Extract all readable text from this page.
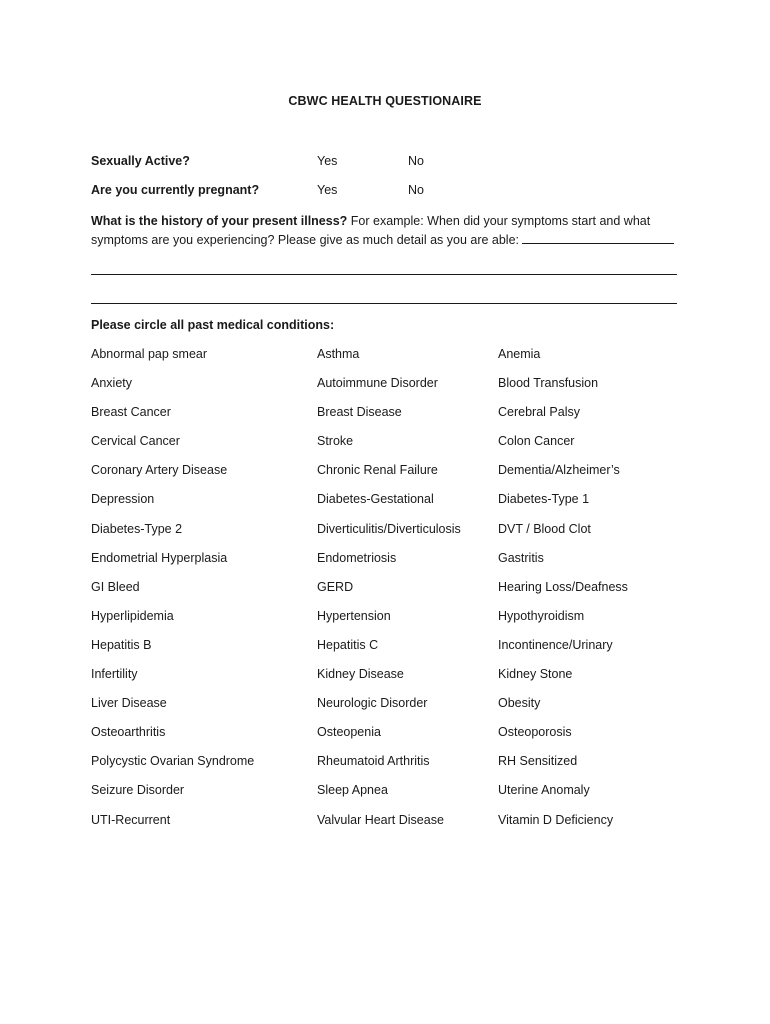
CBWC HEALTH QUESTIONAIRE
Sexually Active?	Yes	No
Are you currently pregnant?	Yes	No
What is the history of your present illness? For example: When did your symptoms start and what symptoms are you experiencing? Please give as much detail as you are able:
Please circle all past medical conditions:
Abnormal pap smear	Asthma	Anemia
Anxiety	Autoimmune Disorder	Blood Transfusion
Breast Cancer	Breast Disease	Cerebral Palsy
Cervical Cancer	Stroke	Colon Cancer
Coronary Artery Disease	Chronic Renal Failure	Dementia/Alzheimer’s
Depression	Diabetes-Gestational	Diabetes-Type 1
Diabetes-Type 2	Diverticulitis/Diverticulosis	DVT / Blood Clot
Endometrial Hyperplasia	Endometriosis	Gastritis
GI Bleed	GERD	Hearing Loss/Deafness
Hyperlipidemia	Hypertension	Hypothyroidism
Hepatitis B	Hepatitis C	Incontinence/Urinary
Infertility	Kidney Disease	Kidney Stone
Liver Disease	Neurologic Disorder	Obesity
Osteoarthritis	Osteopenia	Osteoporosis
Polycystic Ovarian Syndrome	Rheumatoid Arthritis	RH Sensitized
Seizure Disorder	Sleep Apnea	Uterine Anomaly
UTI-Recurrent	Valvular Heart Disease	Vitamin D Deficiency
